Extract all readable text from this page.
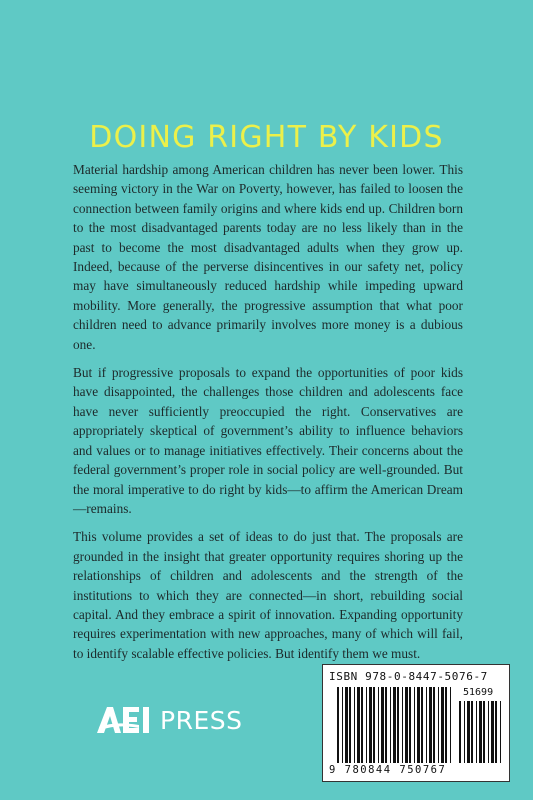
DOING RIGHT BY KIDS

Material hardship among American children has never been lower. This seeming victory in the War on Poverty, however, has failed to loosen the connection between family origins and where kids end up. Children born to the most disadvantaged parents today are no less likely than in the past to become the most disadvantaged adults when they grow up. Indeed, because of the perverse disincentives in our safety net, policy may have simultaneously reduced hardship while impeding upward mobility. More generally, the progressive assumption that what poor children need to advance primarily involves more money is a dubious one.

But if progressive proposals to expand the opportunities of poor kids have disappointed, the challenges those children and adolescents face have never sufficiently preoccupied the right. Conservatives are appropriately skeptical of government’s ability to influence behaviors and values or to manage initiatives effectively. Their concerns about the federal government’s proper role in social policy are well-grounded. But the moral imperative to do right by kids—to affirm the American Dream—remains.

This volume provides a set of ideas to do just that. The proposals are grounded in the insight that greater opportunity requires shoring up the relationships of children and adolescents and the strength of the institutions to which they are connected—in short, rebuilding social capital. And they embrace a spirit of innovation. Expanding opportunity requires experimentation with new approaches, many of which will fail, to identify scalable effective policies. But identify them we must.

PRESS
ISBN 978-0-8447-5076-7
51699
9 780844 750767
